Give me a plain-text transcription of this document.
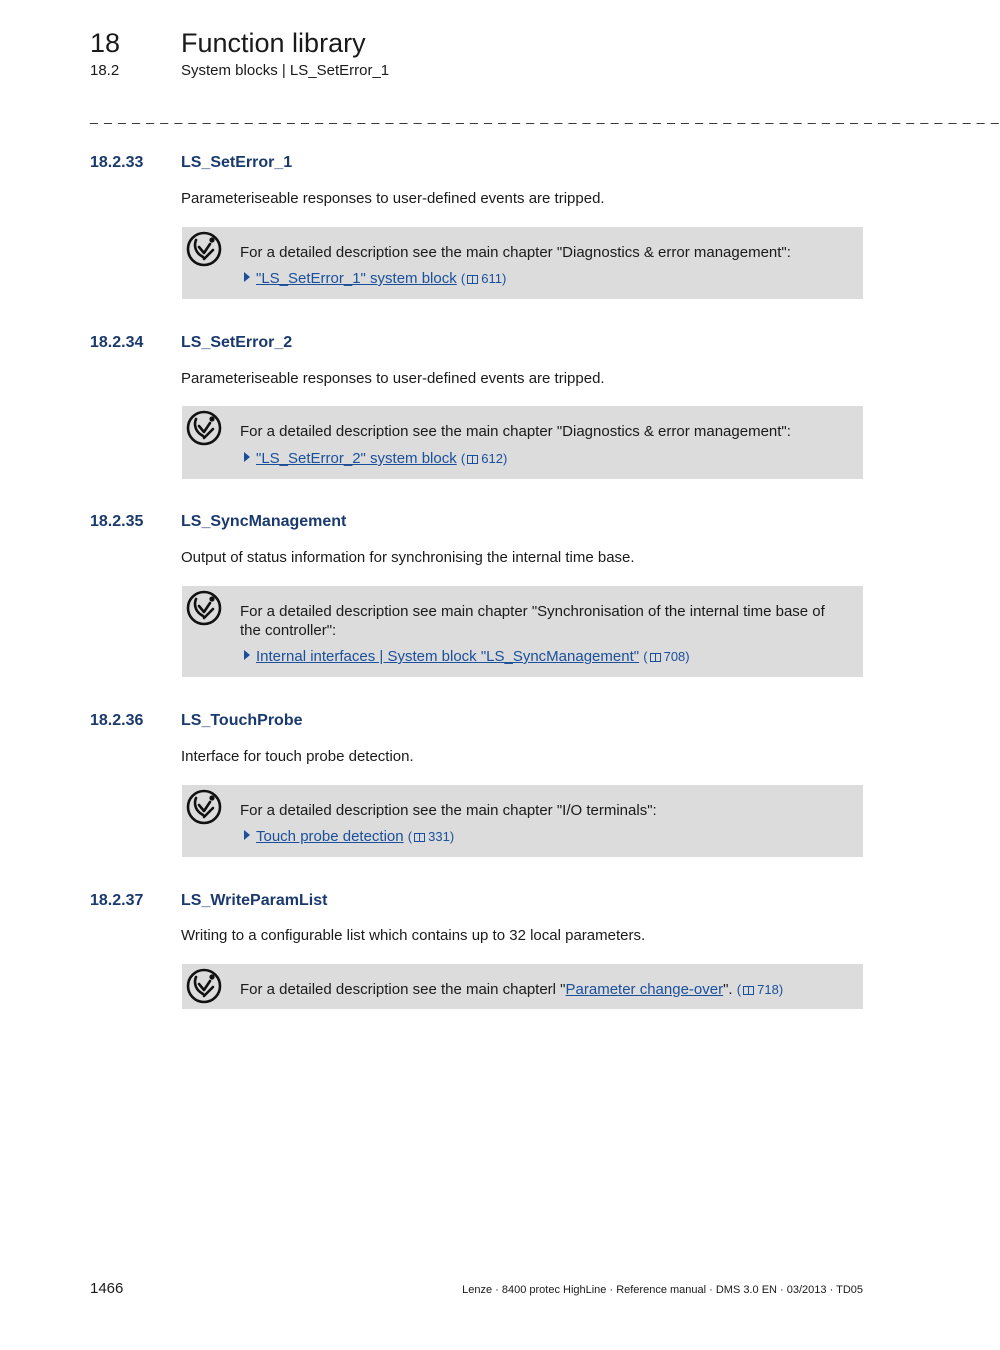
18 Function library
18.2	System blocks | LS_SetError_1
_ _ _ _ _ _ _ _ _ _ _ _ _ _ _ _ _ _ _ _ _ _ _ _ _ _ _ _ _ _ _ _ _ _ _ _ _ _ _ _ _ _ _ _ _ _ _ _ _ _ _ _ _ _ _ _ _ _ _ _ _ _ _ _ _
18.2.33 LS_SetError_1
Parameteriseable responses to user-defined events are tripped.
For a detailed description see the main chapter "Diagnostics & error management":
"LS_SetError_1" system block ( 611)
18.2.34 LS_SetError_2
Parameteriseable responses to user-defined events are tripped.
For a detailed description see the main chapter "Diagnostics & error management":
"LS_SetError_2" system block ( 612)
18.2.35 LS_SyncManagement
Output of status information for synchronising the internal time base.
For a detailed description see main chapter "Synchronisation of the internal time base of the controller":
Internal interfaces | System block "LS_SyncManagement" ( 708)
18.2.36 LS_TouchProbe
Interface for touch probe detection.
For a detailed description see the main chapter "I/O terminals":
Touch probe detection ( 331)
18.2.37 LS_WriteParamList
Writing to a configurable list which contains up to 32 local parameters.
For a detailed description see the main chapterl "Parameter change-over". ( 718)
1466	Lenze · 8400 protec HighLine · Reference manual · DMS 3.0 EN · 03/2013 · TD05
